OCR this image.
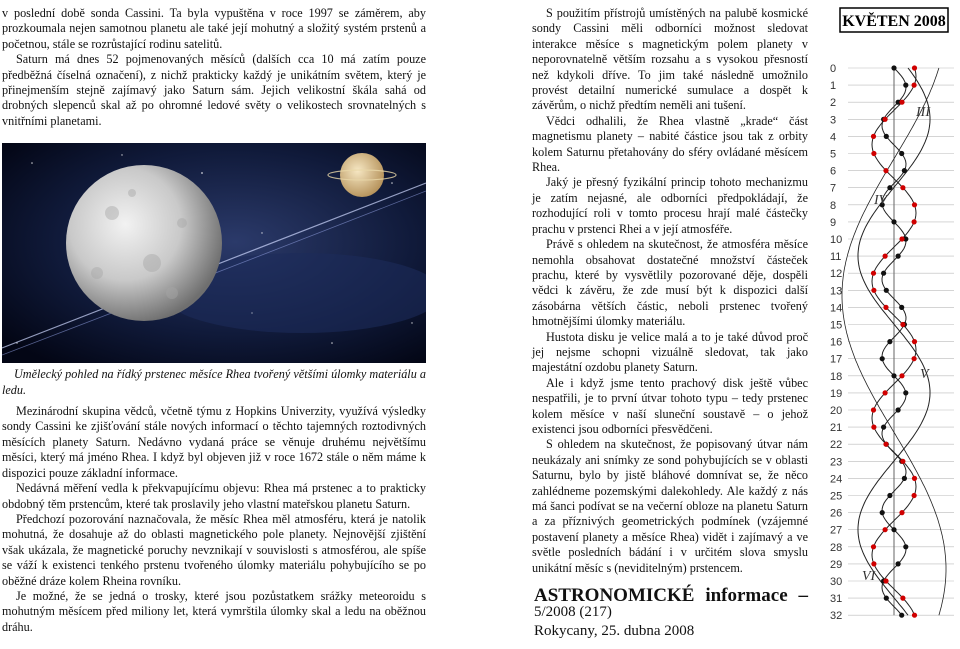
v poslední době sonda Cassini. Ta byla vypuštěna v roce 1997 se záměrem, aby prozkoumala nejen samotnou planetu ale také její mohutný a složitý systém prstenů a početnou, stále se rozrůstající rodinu satelitů.

Saturn má dnes 52 pojmenovaných měsíců (dalších cca 10 má zatím pouze předběžná číselná označení), z nichž prakticky každý je unikátním světem, který je přinejmenším stejně zajímavý jako Saturn sám. Jejich velikostní škála sahá od drobných slepenců skal až po ohromné ledové světy o velikostech srovnatelných s vnitřními planetami.

Umělecký pohled na řídký prstenec měsíce Rhea tvořený většími úlomky materiálu a ledu.

Mezinárodní skupina vědců, včetně týmu z Hopkins Univerzity, využívá výsledky sondy Cassini ke zjišťování stále nových informací o těchto tajemných roztodivných měsících planety Saturn. Nedávno vydaná práce se věnuje druhému největšímu měsíci, který má jméno Rhea. I když byl objeven již v roce 1672 stále o něm máme k dispozici pouze základní informace.

Nedávná měření vedla k překvapujícímu objevu: Rhea má prstenec a to prakticky obdobný těm prstencům, které tak proslavily jeho vlastní mateřskou planetu Saturn.

Předchozí pozorování naznačovala, že měsíc Rhea měl atmosféru, která je natolik mohutná, že dosahuje až do oblasti magnetického pole planety. Nejnovější zjištění však ukázala, že magnetické poruchy nevznikají v souvislosti s atmosférou, ale spíše se váží k existenci tenkého prstenu tvořeného úlomky materiálu pohybujícího se po oběžné dráze kolem Rheina rovníku.

Je možné, že se jedná o trosky, které jsou pozůstatkem srážky meteoroidu s mohutným měsícem před miliony let, která vymrštila úlomky skal a ledu na oběžnou dráhu.

S použitím přístrojů umístěných na palubě kosmické sondy Cassini měli odborníci možnost sledovat interakce měsíce s magnetickým polem planety v neporovnatelně větším rozsahu a s vysokou přesností než kdykoli dříve. To jim také následně umožnilo provést detailní numerické sumulace a dospět k závěrům, o nichž předtím neměli ani tušení.

Vědci odhalili, že Rhea vlastně „krade“ část magnetismu planety – nabité částice jsou tak z orbity kolem Saturnu přetahovány do sféry ovládané měsícem Rhea.

Jaký je přesný fyzikální princip tohoto mechanizmu je zatím nejasné, ale odborníci předpokládají, že rozhodující roli v tomto procesu hrají malé částečky prachu v prstenci Rhei a v její atmosféře.

Právě s ohledem na skutečnost, že atmosféra měsíce nemohla obsahovat dostatečné množství částeček prachu, které by vysvětlily pozorované děje, dospěli vědci k závěru, že zde musí být k dispozici další zásobárna větších částic, neboli prstenec tvořený hmotnějšími úlomky materiálu.

Hustota disku je velice malá a to je také důvod proč jej nejsme schopni vizuálně sledovat, tak jako majestátní ozdobu planety Saturn.

Ale i když jsme tento prachový disk ještě vůbec nespatřili, je to první útvar tohoto typu – tedy prstenec kolem měsíce v naší sluneční soustavě – o jehož existenci jsou odborníci přesvědčeni.

S ohledem na skutečnost, že popisovaný útvar nám neukázaly ani snímky ze sond pohybujících se v oblasti Saturnu, bylo by jistě bláhové domnívat se, že něco zahlédneme pozemskými dalekohledy. Ale každý z nás má šanci podívat se na večerní obloze na planetu Saturn a za příznivých geometrických podmínek (vzájemné postavení planety a měsíce Rhea) vidět i zajímavý a ve světle posledních bádání i v určitém slova smyslu unikátní měsíc s (neviditelným) prstencem.

ASTRONOMICKÉ informace –
5/2008 (217)
Rokycany, 25. dubna 2008
KVĚTEN 2008
0
1
2
3
4
5
6
7
8
9
10
11
12
13
14
15
16
17
18
19
20
21
22
23
24
25
26
27
28
29
30
31
32
III
IV
V
VI
